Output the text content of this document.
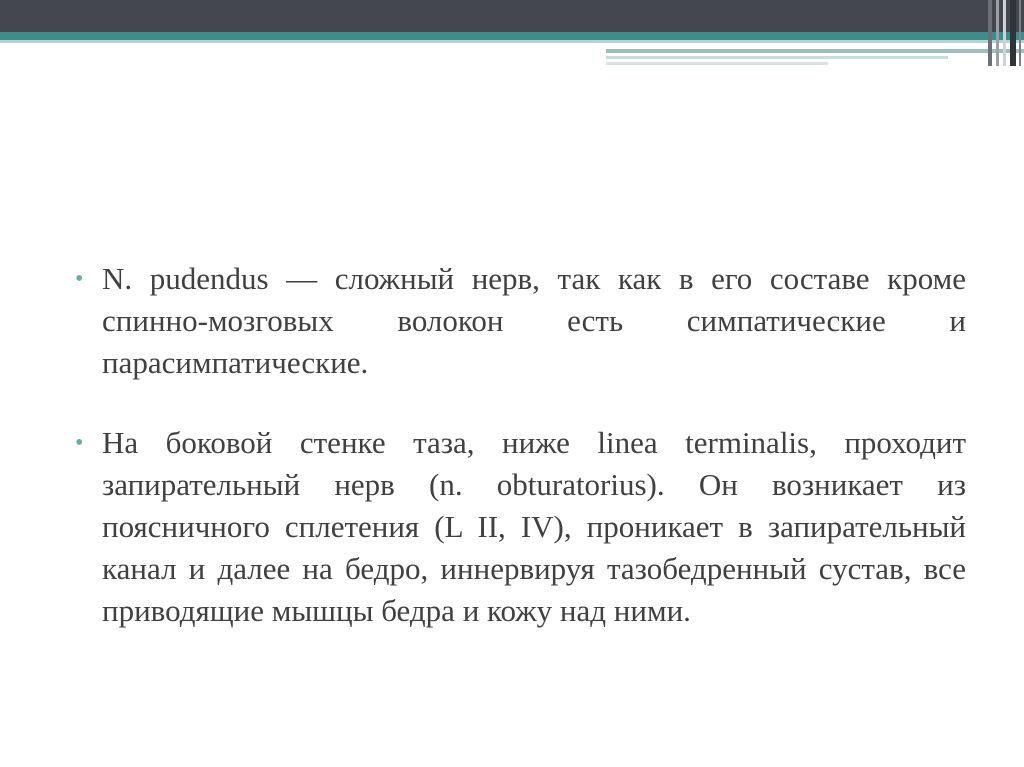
• N. pudendus — сложный нерв, так как в его составе кроме спинно-мозговых волокон есть симпатические и парасимпатические.
• На боковой стенке таза, ниже linea terminalis, проходит запирательный нерв (n. obturatorius). Он возникает из поясничного сплетения (L II, IV), проникает в запирательный канал и далее на бедро, иннервируя тазобедренный сустав, все приводящие мышцы бедра и кожу над ними.
